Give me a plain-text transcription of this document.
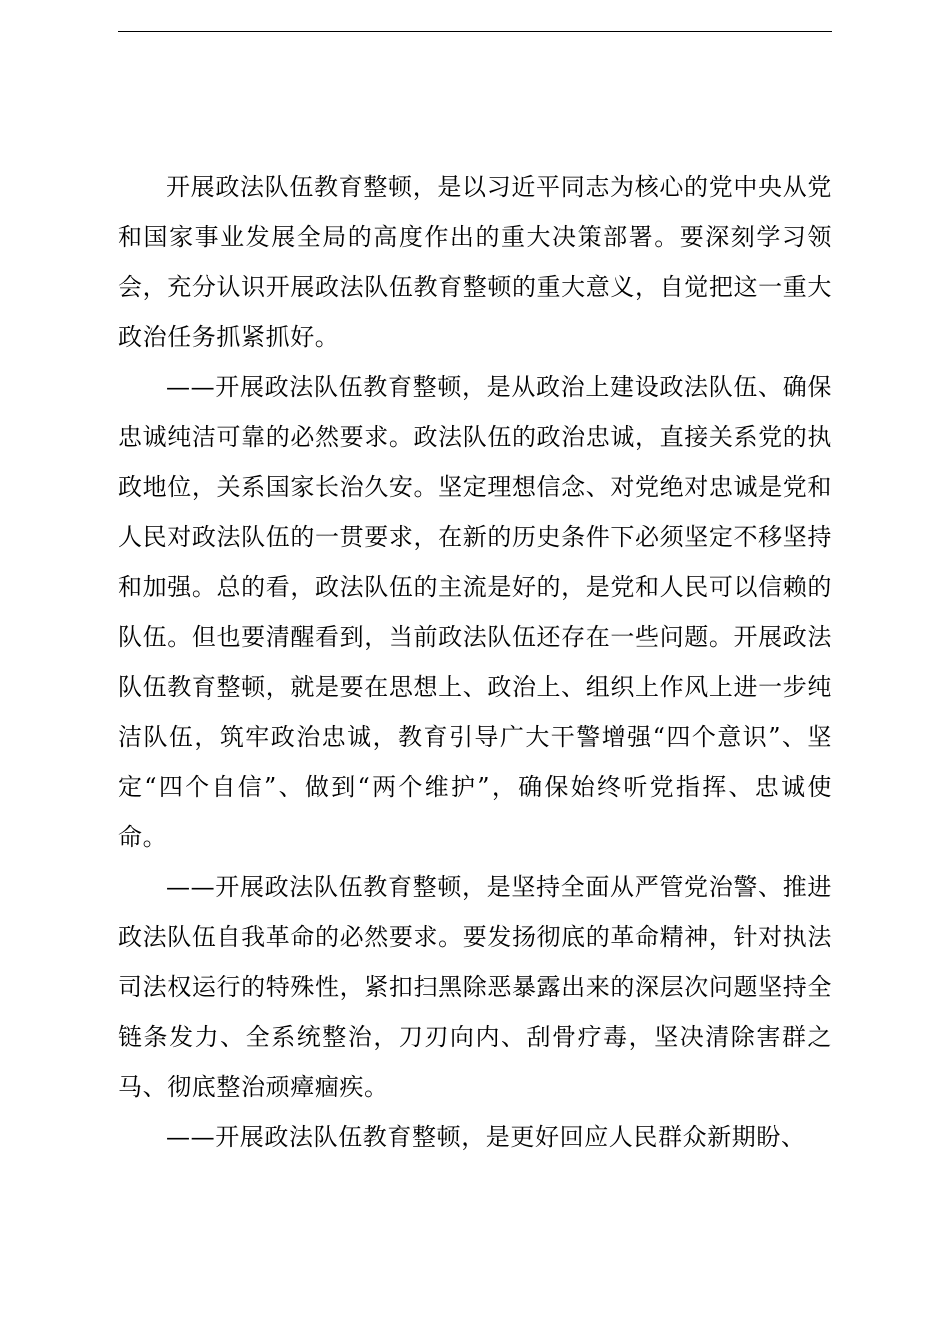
开展政法队伍教育整顿，是以习近平同志为核心的党中央从党和国家事业发展全局的高度作出的重大决策部署。要深刻学习领会，充分认识开展政法队伍教育整顿的重大意义，自觉把这一重大政治任务抓紧抓好。

——开展政法队伍教育整顿，是从政治上建设政法队伍、确保忠诚纯洁可靠的必然要求。政法队伍的政治忠诚，直接关系党的执政地位，关系国家长治久安。坚定理想信念、对党绝对忠诚是党和人民对政法队伍的一贯要求，在新的历史条件下必须坚定不移坚持和加强。总的看，政法队伍的主流是好的，是党和人民可以信赖的队伍。但也要清醒看到，当前政法队伍还存在一些问题。开展政法队伍教育整顿，就是要在思想上、政治上、组织上作风上进一步纯洁队伍，筑牢政治忠诚，教育引导广大干警增强“四个意识”、坚定“四个自信”、做到“两个维护”，确保始终听党指挥、忠诚使命。

——开展政法队伍教育整顿，是坚持全面从严管党治警、推进政法队伍自我革命的必然要求。要发扬彻底的革命精神，针对执法司法权运行的特殊性，紧扣扫黑除恶暴露出来的深层次问题坚持全链条发力、全系统整治，刀刃向内、刮骨疗毒，坚决清除害群之马、彻底整治顽瘴痼疾。

——开展政法队伍教育整顿，是更好回应人民群众新期盼、
